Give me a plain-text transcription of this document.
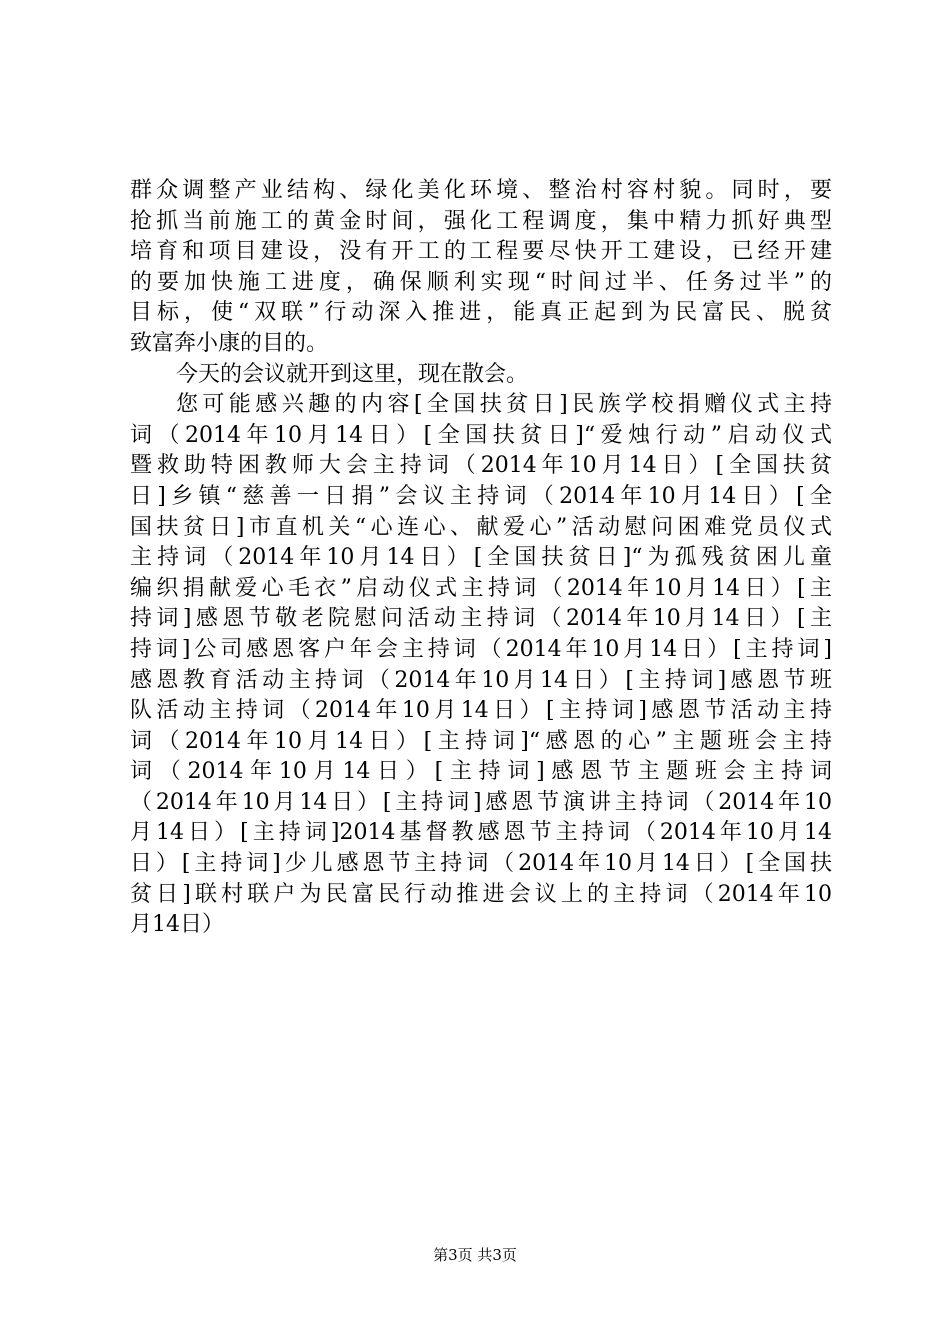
群众调整产业结构、绿化美化环境、整治村容村貌。同时，要
抢抓当前施工的黄金时间，强化工程调度，集中精力抓好典型
培育和项目建设，没有开工的工程要尽快开工建设，已经开建
的要加快施工进度，确保顺利实现“时间过半、任务过半”的
目标，使“双联”行动深入推进，能真正起到为民富民、脱贫
致富奔小康的目的。
今天的会议就开到这里，现在散会。
您可能感兴趣的内容[全国扶贫日]民族学校捐赠仪式主持
词（2014年10月14日）[全国扶贫日]“爱烛行动”启动仪式
暨救助特困教师大会主持词（2014年10月14日）[全国扶贫
日]乡镇“慈善一日捐”会议主持词（2014年10月14日）[全
国扶贫日]市直机关“心连心、献爱心”活动慰问困难党员仪式
主持词（2014年10月14日）[全国扶贫日]“为孤残贫困儿童
编织捐献爱心毛衣”启动仪式主持词（2014年10月14日）[主
持词]感恩节敬老院慰问活动主持词（2014年10月14日）[主
持词]公司感恩客户年会主持词（2014年10月14日）[主持词]
感恩教育活动主持词（2014年10月14日）[主持词]感恩节班
队活动主持词（2014年10月14日）[主持词]感恩节活动主持
词（2014年10月14日）[主持词]“感恩的心”主题班会主持
词（2014年10月14日）[主持词]感恩节主题班会主持词
（2014年10月14日）[主持词]感恩节演讲主持词（2014年10
月14日）[主持词]2014基督教感恩节主持词（2014年10月14
日）[主持词]少儿感恩节主持词（2014年10月14日）[全国扶
贫日]联村联户为民富民行动推进会议上的主持词（2014年10
月14日）
第3页 共3页
